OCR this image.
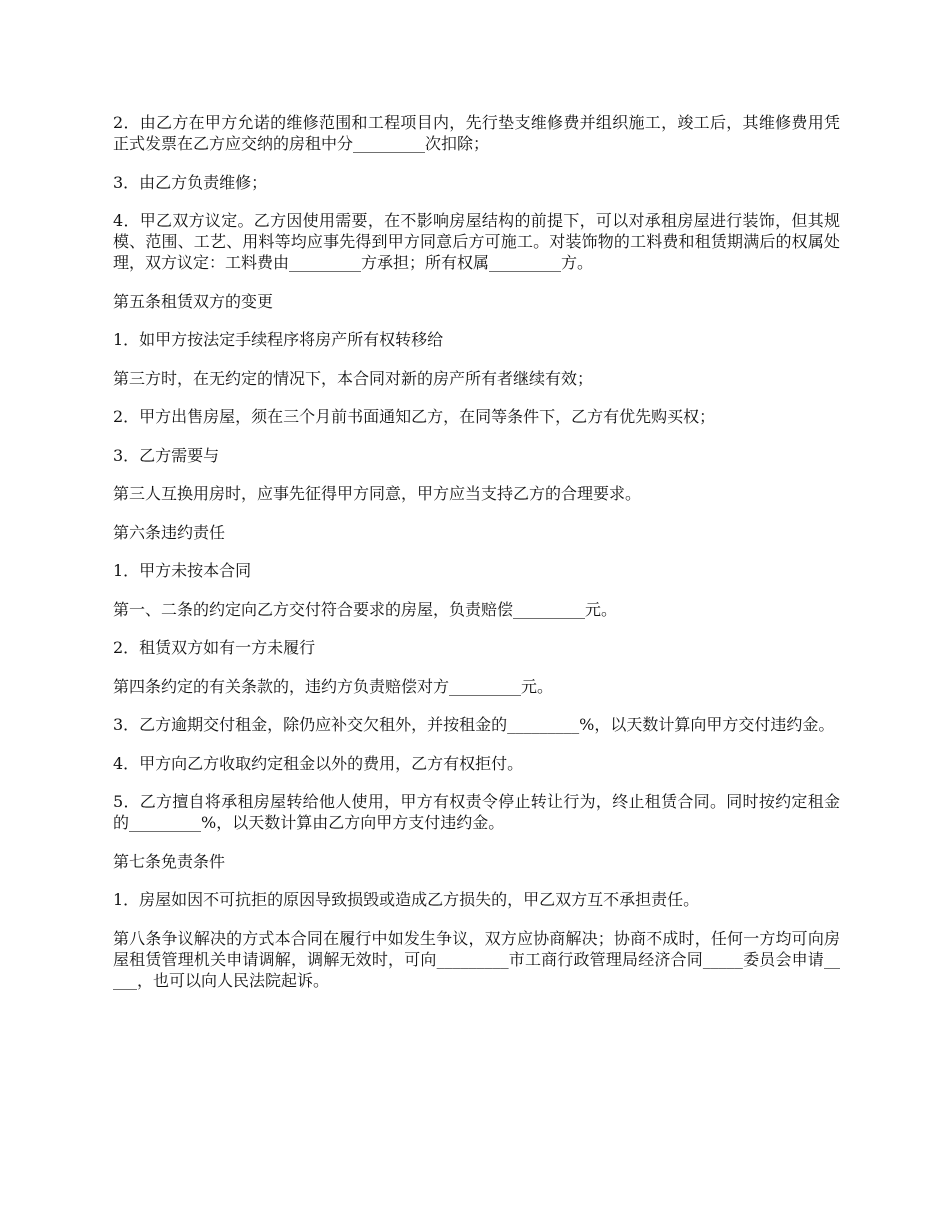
2．由乙方在甲方允诺的维修范围和工程项目内，先行垫支维修费并组织施工，竣工后，其维修费用凭正式发票在乙方应交纳的房租中分_________次扣除；

3．由乙方负责维修；

4．甲乙双方议定。乙方因使用需要，在不影响房屋结构的前提下，可以对承租房屋进行装饰，但其规模、范围、工艺、用料等均应事先得到甲方同意后方可施工。对装饰物的工料费和租赁期满后的权属处理，双方议定：工料费由_________方承担；所有权属_________方。

第五条租赁双方的变更

1．如甲方按法定手续程序将房产所有权转移给

第三方时，在无约定的情况下，本合同对新的房产所有者继续有效；

2．甲方出售房屋，须在三个月前书面通知乙方，在同等条件下，乙方有优先购买权；

3．乙方需要与

第三人互换用房时，应事先征得甲方同意，甲方应当支持乙方的合理要求。

第六条违约责任

1．甲方未按本合同

第一、二条的约定向乙方交付符合要求的房屋，负责赔偿_________元。

2．租赁双方如有一方未履行

第四条约定的有关条款的，违约方负责赔偿对方_________元。

3．乙方逾期交付租金，除仍应补交欠租外，并按租金的_________%，以天数计算向甲方交付违约金。

4．甲方向乙方收取约定租金以外的费用，乙方有权拒付。

5．乙方擅自将承租房屋转给他人使用，甲方有权责令停止转让行为，终止租赁合同。同时按约定租金的_________%，以天数计算由乙方向甲方支付违约金。

第七条免责条件

1．房屋如因不可抗拒的原因导致损毁或造成乙方损失的，甲乙双方互不承担责任。

第八条争议解决的方式本合同在履行中如发生争议，双方应协商解决；协商不成时，任何一方均可向房屋租赁管理机关申请调解，调解无效时，可向_________市工商行政管理局经济合同_____委员会申请_____，也可以向人民法院起诉。
